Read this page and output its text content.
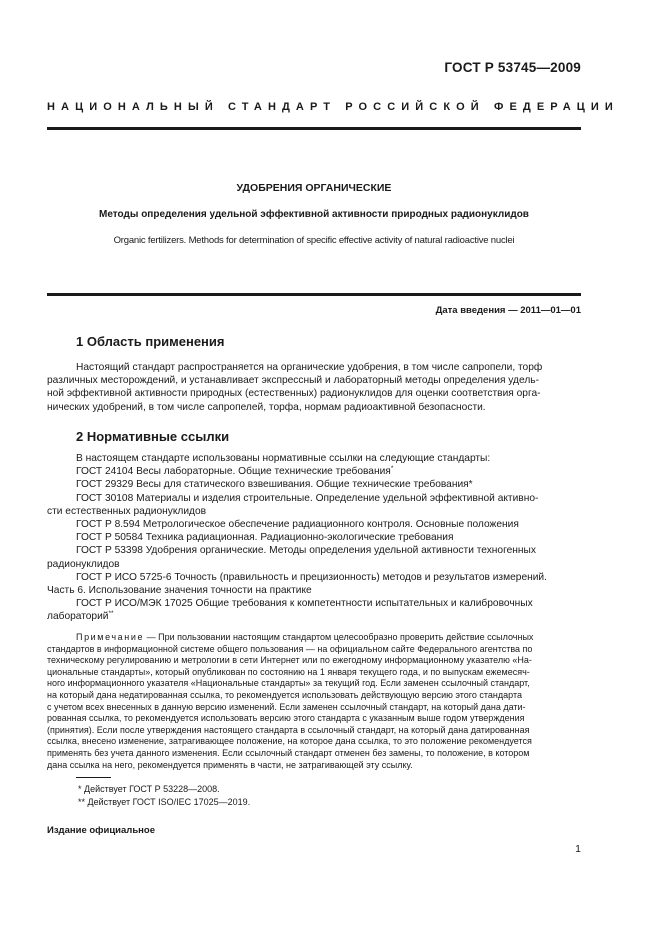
ГОСТ Р 53745—2009
НАЦИОНАЛЬНЫЙ СТАНДАРТ РОССИЙСКОЙ ФЕДЕРАЦИИ
УДОБРЕНИЯ ОРГАНИЧЕСКИЕ
Методы определения удельной эффективной активности природных радионуклидов
Organic fertilizers. Methods for determination of specific effective activity of natural radioactive nuclei
Дата введения — 2011—01—01
1 Область применения
Настоящий стандарт распространяется на органические удобрения, в том числе сапропели, торф
различных месторождений, и устанавливает экспрессный и лабораторный методы определения удель-
ной эффективной активности природных (естественных) радионуклидов для оценки соответствия орга-
нических удобрений, в том числе сапропелей, торфа, нормам радиоактивной безопасности.
2 Нормативные ссылки
В настоящем стандарте использованы нормативные ссылки на следующие стандарты:
ГОСТ 24104 Весы лабораторные. Общие технические требования*
ГОСТ 29329 Весы для статического взвешивания. Общие технические требования*
ГОСТ 30108 Материалы и изделия строительные. Определение удельной эффективной активно-
сти естественных радионуклидов
ГОСТ Р 8.594 Метрологическое обеспечение радиационного контроля. Основные положения
ГОСТ Р 50584 Техника радиационная. Радиационно-экологические требования
ГОСТ Р 53398 Удобрения органические. Методы определения удельной активности техногенных
радионуклидов
ГОСТ Р ИСО 5725-6 Точность (правильность и прецизионность) методов и результатов измерений.
Часть 6. Использование значения точности на практике
ГОСТ Р ИСО/МЭК 17025 Общие требования к компетентности испытательных и калибровочных
лабораторий**
Примечание — При пользовании настоящим стандартом целесообразно проверить действие ссылочных
стандартов в информационной системе общего пользования — на официальном сайте Федерального агентства по
техническому регулированию и метрологии в сети Интернет или по ежегодному информационному указателю «На-
циональные стандарты», который опубликован по состоянию на 1 января текущего года, и по выпускам ежемесяч-
ного информационного указателя «Национальные стандарты» за текущий год. Если заменен ссылочный стандарт,
на который дана недатированная ссылка, то рекомендуется использовать действующую версию этого стандарта
с учетом всех внесенных в данную версию изменений. Если заменен ссылочный стандарт, на который дана дати-
рованная ссылка, то рекомендуется использовать версию этого стандарта с указанным выше годом утверждения
(принятия). Если после утверждения настоящего стандарта в ссылочный стандарт, на который дана датированная
ссылка, внесено изменение, затрагивающее положение, на которое дана ссылка, то это положение рекомендуется
применять без учета данного изменения. Если ссылочный стандарт отменен без замены, то положение, в котором
дана ссылка на него, рекомендуется применять в части, не затрагивающей эту ссылку.
* Действует ГОСТ Р 53228—2008.
** Действует ГОСТ ISO/IEC 17025—2019.
Издание официальное
1
